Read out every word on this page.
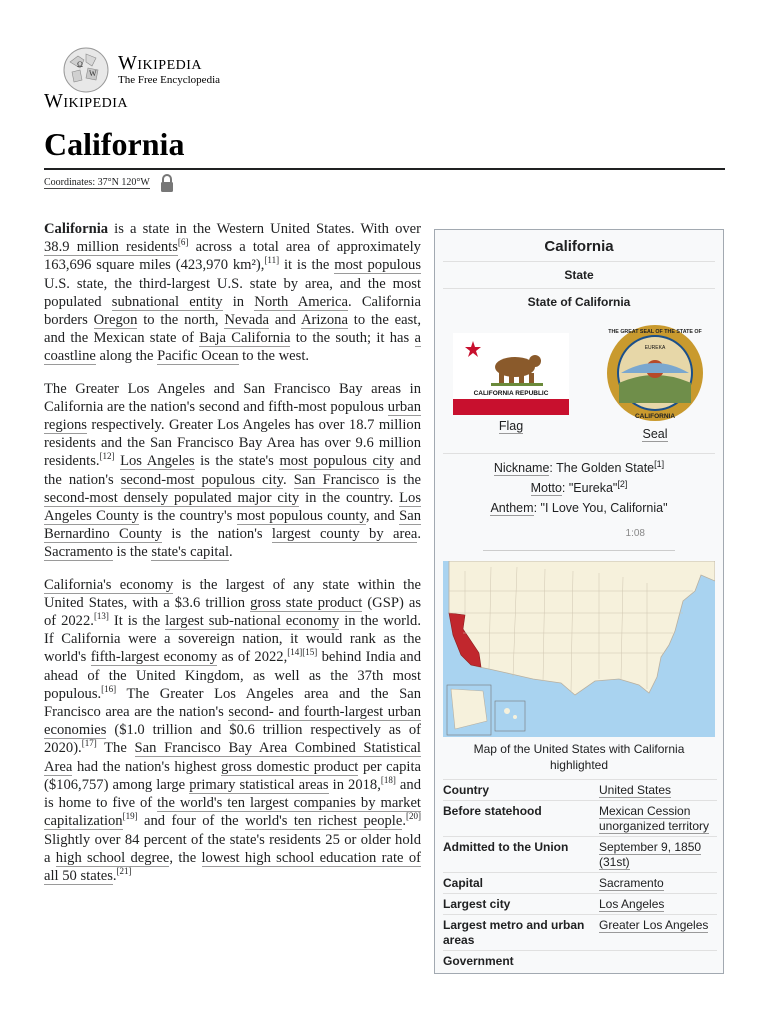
Ω
W Wikipedia
The Free Encyclopedia
Wikipedia
California
Coordinates: 37°N 120°W

California is a state in the Western United States. With over 38.9 million residents[6] across a total area of approximately 163,696 square miles (423,970 km²),[11] it is the most populous U.S. state, the third-largest U.S. state by area, and the most populated subnational entity in North America. California borders Oregon to the north, Nevada and Arizona to the east, and the Mexican state of Baja California to the south; it has a coastline along the Pacific Ocean to the west.

The Greater Los Angeles and San Francisco Bay areas in California are the nation's second and fifth-most populous urban regions respectively. Greater Los Angeles has over 18.7 million residents and the San Francisco Bay Area has over 9.6 million residents.[12] Los Angeles is the state's most populous city and the nation's second-most populous city. San Francisco is the second-most densely populated major city in the country. Los Angeles County is the country's most populous county, and San Bernardino County is the nation's largest county by area. Sacramento is the state's capital.

California's economy is the largest of any state within the United States, with a $3.6 trillion gross state product (GSP) as of 2022.[13] It is the largest sub-national economy in the world. If California were a sovereign nation, it would rank as the world's fifth-largest economy as of 2022,[14][15] behind India and ahead of the United Kingdom, as well as the 37th most populous.[16] The Greater Los Angeles area and the San Francisco area are the nation's second- and fourth-largest urban economies ($1.0 trillion and $0.6 trillion respectively as of 2020).[17] The San Francisco Bay Area Combined Statistical Area had the nation's highest gross domestic product per capita ($106,757) among large primary statistical areas in 2018,[18] and is home to five of the world's ten largest companies by market capitalization[19] and four of the world's ten richest people.[20] Slightly over 84 percent of the state's residents 25 or older hold a high school degree, the lowest high school education rate of all 50 states.[21]

California
State
State of California
CALIFORNIA REPUBLIC
Flag
EUREKA
THE GREAT SEAL OF THE STATE OF
CALIFORNIA
Seal
Nickname: The Golden State[1]
Motto: "Eureka"[2]
Anthem: "I Love You, California"
1:08
Map of the United States with California highlighted
Country	United States
Before statehood	Mexican Cession unorganized territory
Admitted to the Union	September 9, 1850 (31st)
Capital	Sacramento
Largest city	Los Angeles
Largest metro and urban areas	Greater Los Angeles
Government	
